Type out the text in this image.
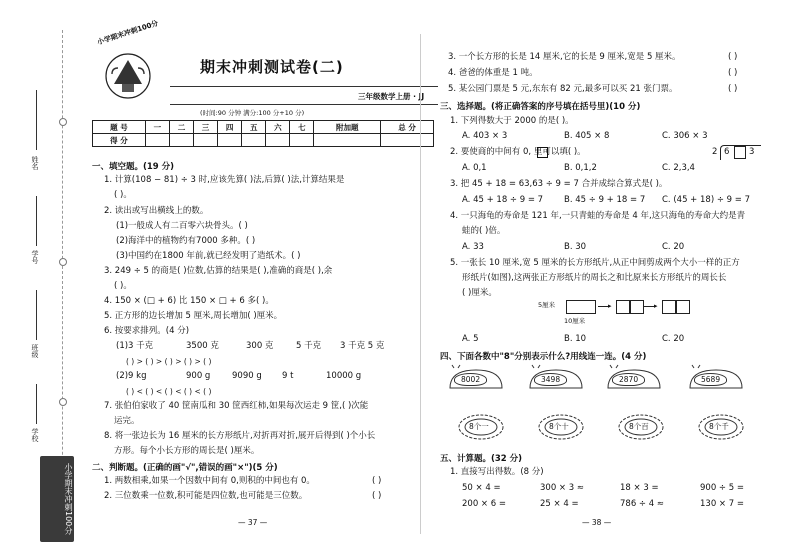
姓名
学号
班级
学校
小学期末冲刺100分
小学期末冲刺100分
期末冲刺测试卷(二)
三年级数学上册 · JJ
(时间:90 分钟 满分:100 分+10 分)
题 号	一	二	三	四	五	六	七	附加题	总 分
得 分									
一、填空题。(19 分)
1. 计算(108 − 81) ÷ 3 时,应该先算( )法,后算( )法,计算结果是
( )。
2. 读出或写出横线上的数。
(1)一般成人有二百零六块骨头。( )
(2)海洋中的植物约有7000 多种。( )
(3)中国约在1800 年前,就已经发明了造纸术。( )
3. 249 ÷ 5 的商是( )位数,估算的结果是( ),准确的商是( ),余
( )。
4. 150 × (□ + 6) 比 150 × □ + 6 多( )。
5. 正方形的边长增加 5 厘米,周长增加( )厘米。
6. 按要求排列。(4 分)
(1)3 千克	3500 克	300 克	5 千克 3 千克 5 克
( ) > ( ) > ( ) > ( ) > ( )
(2)9 kg	900 g	9090 g 9 t	10000 g
( ) < ( ) < ( ) < ( ) < ( )
7. 张伯伯家收了 40 筐南瓜和 30 筐西红柿,如果每次运走 9 筐,( )次能
运完。
8. 将一张边长为 16 厘米的长方形纸片,对折再对折,展开后得到( )个小长
方形。每个小长方形的周长是( )厘米。
二、判断题。(正确的画"√",错误的画"×")(5 分)
1. 两数相乘,如果一个因数中间有 0,则积的中间也有 0。	( )
2. 三位数乘一位数,积可能是四位数,也可能是三位数。	( )
— 37 —
3. 一个长方形的长是 14 厘米,它的长是 9 厘米,宽是 5 厘米。	( )
4. 爸爸的体重是 1 吨。	( )
5. 某公园门票是 5 元,东东有 82 元,最多可以买 21 张门票。	( )
三、选择题。(将正确答案的序号填在括号里)(10 分)
1. 下列得数大于 2000 的是( )。
A. 403 × 3	B. 405 × 8	C. 306 × 3
2. 要使商的中间有 0, 里可以填( )。
A. 0,1	B. 0,1,2	C. 2,3,4
2 6 3
3. 把 45 + 18 = 63,63 ÷ 9 = 7 合并成综合算式是( )。
A. 45 + 18 ÷ 9 = 7 B. 45 ÷ 9 + 18 = 7 C. (45 + 18) ÷ 9 = 7
4. 一只海龟的寿命是 121 年,一只青蛙的寿命是 4 年,这只海龟的寿命大约是青
蛙的( )倍。
A. 33	B. 30	C. 20
5. 一张长 10 厘米,宽 5 厘米的长方形纸片,从正中间剪成两个大小一样的正方
形纸片(如图),这两张正方形纸片的周长之和比原来长方形纸片的周长长
( )厘米。
5厘米
10厘米
▸	▸
A. 5	B. 10	C. 20
四、下面各数中"8"分别表示什么?用线连一连。(4 分)
8002	3498	2870	5689
8个一	8个十	8个百	8个千
五、计算题。(32 分)
1. 直接写出得数。(8 分)
50 × 4 =	300 × 3 ≈	18 × 3 =	900 ÷ 5 =
200 × 6 =	25 × 4 =	786 ÷ 4 ≈	130 × 7 =
— 38 —
